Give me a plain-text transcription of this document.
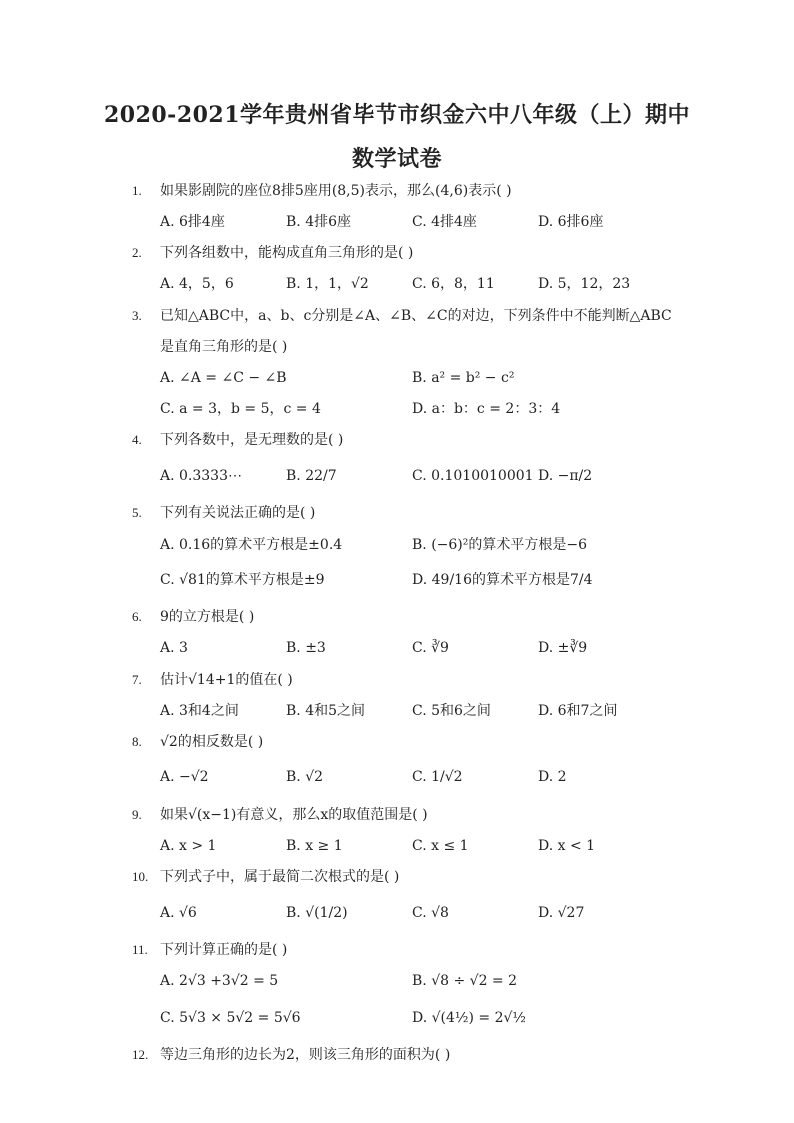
2020-2021学年贵州省毕节市织金六中八年级（上）期中
数学试卷
1.	如果影剧院的座位8排5座用(8,5)表示，那么(4,6)表示( )
A. 6排4座	B. 4排6座	C. 4排4座	D. 6排6座
2.	下列各组数中，能构成直角三角形的是( )
A. 4，5，6	B. 1，1，√2	C. 6，8，11	D. 5，12，23
3.	已知△ABC中，a、b、c分别是∠A、∠B、∠C的对边，下列条件中不能判断△ABC
是直角三角形的是( )
A. ∠A = ∠C − ∠B	B. a² = b² − c²
C. a = 3，b = 5，c = 4	D. a：b：c = 2：3：4
4.	下列各数中，是无理数的是( )
A. 0.3333⋯	B. 22/7	C. 0.1010010001 D. −π/2
5.	下列有关说法正确的是( )
A. 0.16的算术平方根是±0.4	B. (−6)²的算术平方根是−6
C. √81的算术平方根是±9	D. 49/16的算术平方根是7/4
6.	9的立方根是( )
A. 3	B. ±3	C. ∛9	D. ±∛9
7.	估计√14+1的值在( )
A. 3和4之间	B. 4和5之间	C. 5和6之间	D. 6和7之间
8.	√2的相反数是( )
A. −√2	B. √2	C. 1/√2	D. 2
9.	如果√(x−1)有意义，那么x的取值范围是( )
A. x > 1	B. x ≥ 1	C. x ≤ 1	D. x < 1
10. 下列式子中，属于最简二次根式的是( )
A. √6	B. √(1/2)	C. √8	D. √27
11. 下列计算正确的是( )
A. 2√3 +3√2 = 5	B. √8 ÷ √2 = 2
C. 5√3 × 5√2 = 5√6	D. √(4½) = 2√½
12. 等边三角形的边长为2，则该三角形的面积为( )
